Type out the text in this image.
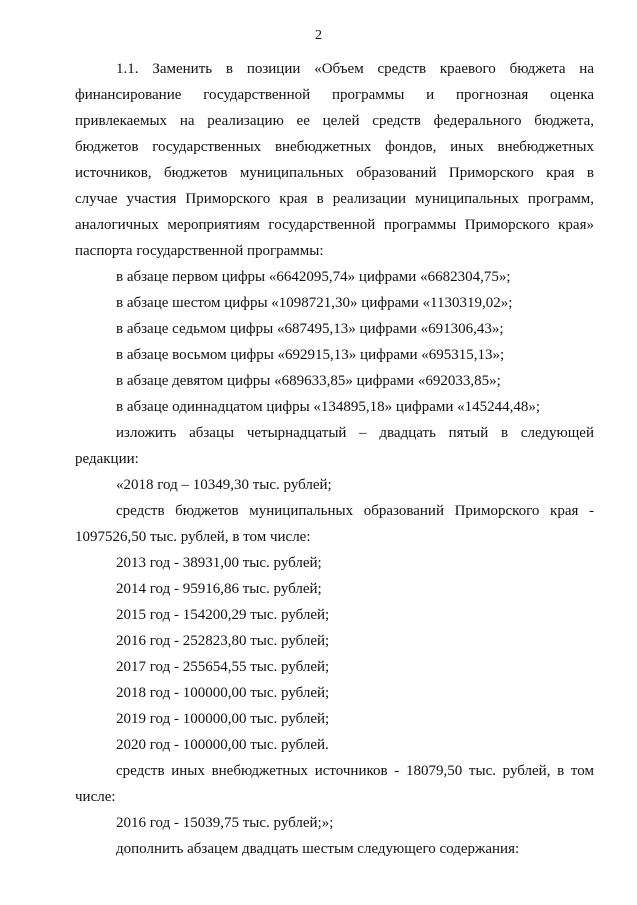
2

1.1. Заменить в позиции «Объем средств краевого бюджета на

финансирование государственной программы и прогнозная оценка

привлекаемых на реализацию ее целей средств федерального бюджета,

бюджетов государственных внебюджетных фондов, иных внебюджетных

источников, бюджетов муниципальных образований Приморского края в

случае участия Приморского края в реализации муниципальных программ,

аналогичных мероприятиям государственной программы Приморского края»

паспорта государственной программы:

в абзаце первом цифры «6642095,74» цифрами «6682304,75»;

в абзаце шестом цифры «1098721,30» цифрами «1130319,02»;

в абзаце седьмом цифры «687495,13» цифрами «691306,43»;

в абзаце восьмом цифры «692915,13» цифрами «695315,13»;

в абзаце девятом цифры «689633,85» цифрами «692033,85»;

в абзаце одиннадцатом цифры «134895,18» цифрами «145244,48»;

изложить абзацы четырнадцатый – двадцать пятый в следующей

редакции:

«2018 год – 10349,30 тыс. рублей;

средств бюджетов муниципальных образований Приморского края -

1097526,50 тыс. рублей, в том числе:

2013 год - 38931,00 тыс. рублей;

2014 год - 95916,86 тыс. рублей;

2015 год - 154200,29 тыс. рублей;

2016 год - 252823,80 тыс. рублей;

2017 год - 255654,55 тыс. рублей;

2018 год - 100000,00 тыс. рублей;

2019 год - 100000,00 тыс. рублей;

2020 год - 100000,00 тыс. рублей.

средств иных внебюджетных источников - 18079,50 тыс. рублей, в том

числе:

2016 год - 15039,75 тыс. рублей;»;

дополнить абзацем двадцать шестым следующего содержания:
